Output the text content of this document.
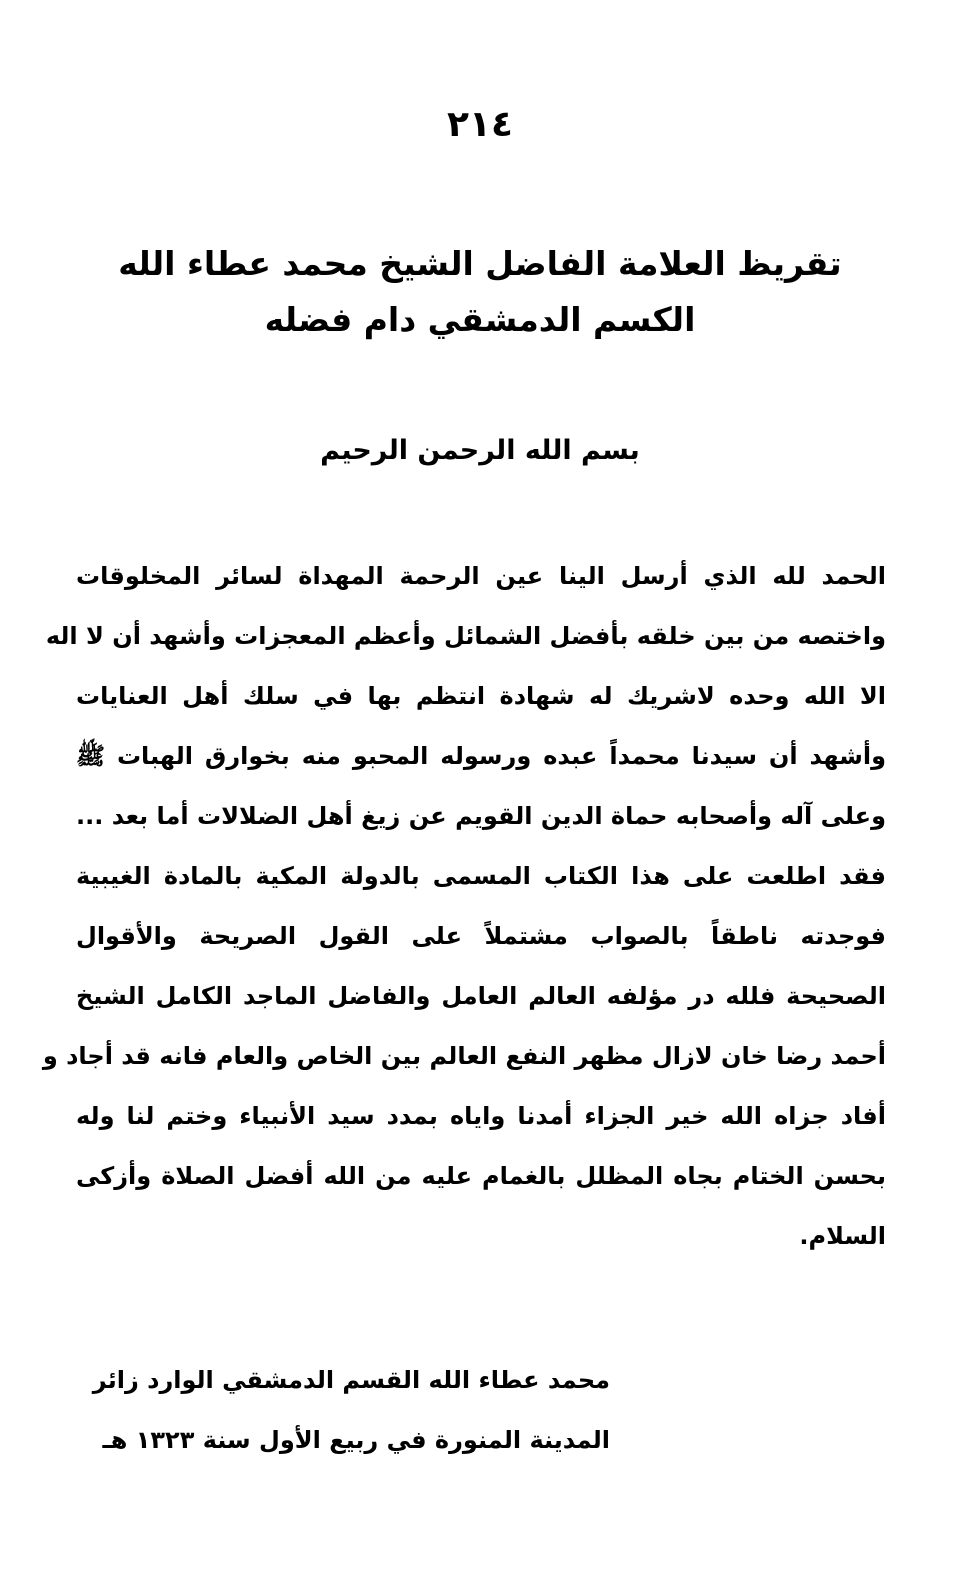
٢١٤
تقريظ العلامة الفاضل الشيخ محمد عطاء الله الكسم الدمشقي دام فضله
بسم الله الرحمن الرحيم
الحمد لله الذي أرسل الينا عين الرحمة المهداة لسائر المخلوقات
واختصه من بين خلقه بأفضل الشمائل وأعظم المعجزات وأشهد أن لا اله
الا الله وحده لاشريك له شهادة انتظم بها في سلك أهل العنايات
وأشهد أن سيدنا محمداً عبده ورسوله المحبو منه بخوارق الهبات ﷺ
وعلى آله وأصحابه حماة الدين القويم عن زيغ أهل الضلالات أما بعد ...
فقد اطلعت على هذا الكتاب المسمى بالدولة المكية بالمادة الغيبية
فوجدته ناطقاً بالصواب مشتملاً على القول الصريحة والأقوال
الصحيحة فلله در مؤلفه العالم العامل والفاضل الماجد الكامل الشيخ
أحمد رضا خان لازال مظهر النفع العالم بين الخاص والعام فانه قد أجاد و
أفاد جزاه الله خير الجزاء أمدنا واياه بمدد سيد الأنبياء وختم لنا وله
بحسن الختام بجاه المظلل بالغمام عليه من الله أفضل الصلاة وأزكى
السلام.
محمد عطاء الله القسم الدمشقي الوارد زائر
المدينة المنورة في ربيع الأول سنة ١٣٢٣ هـ
